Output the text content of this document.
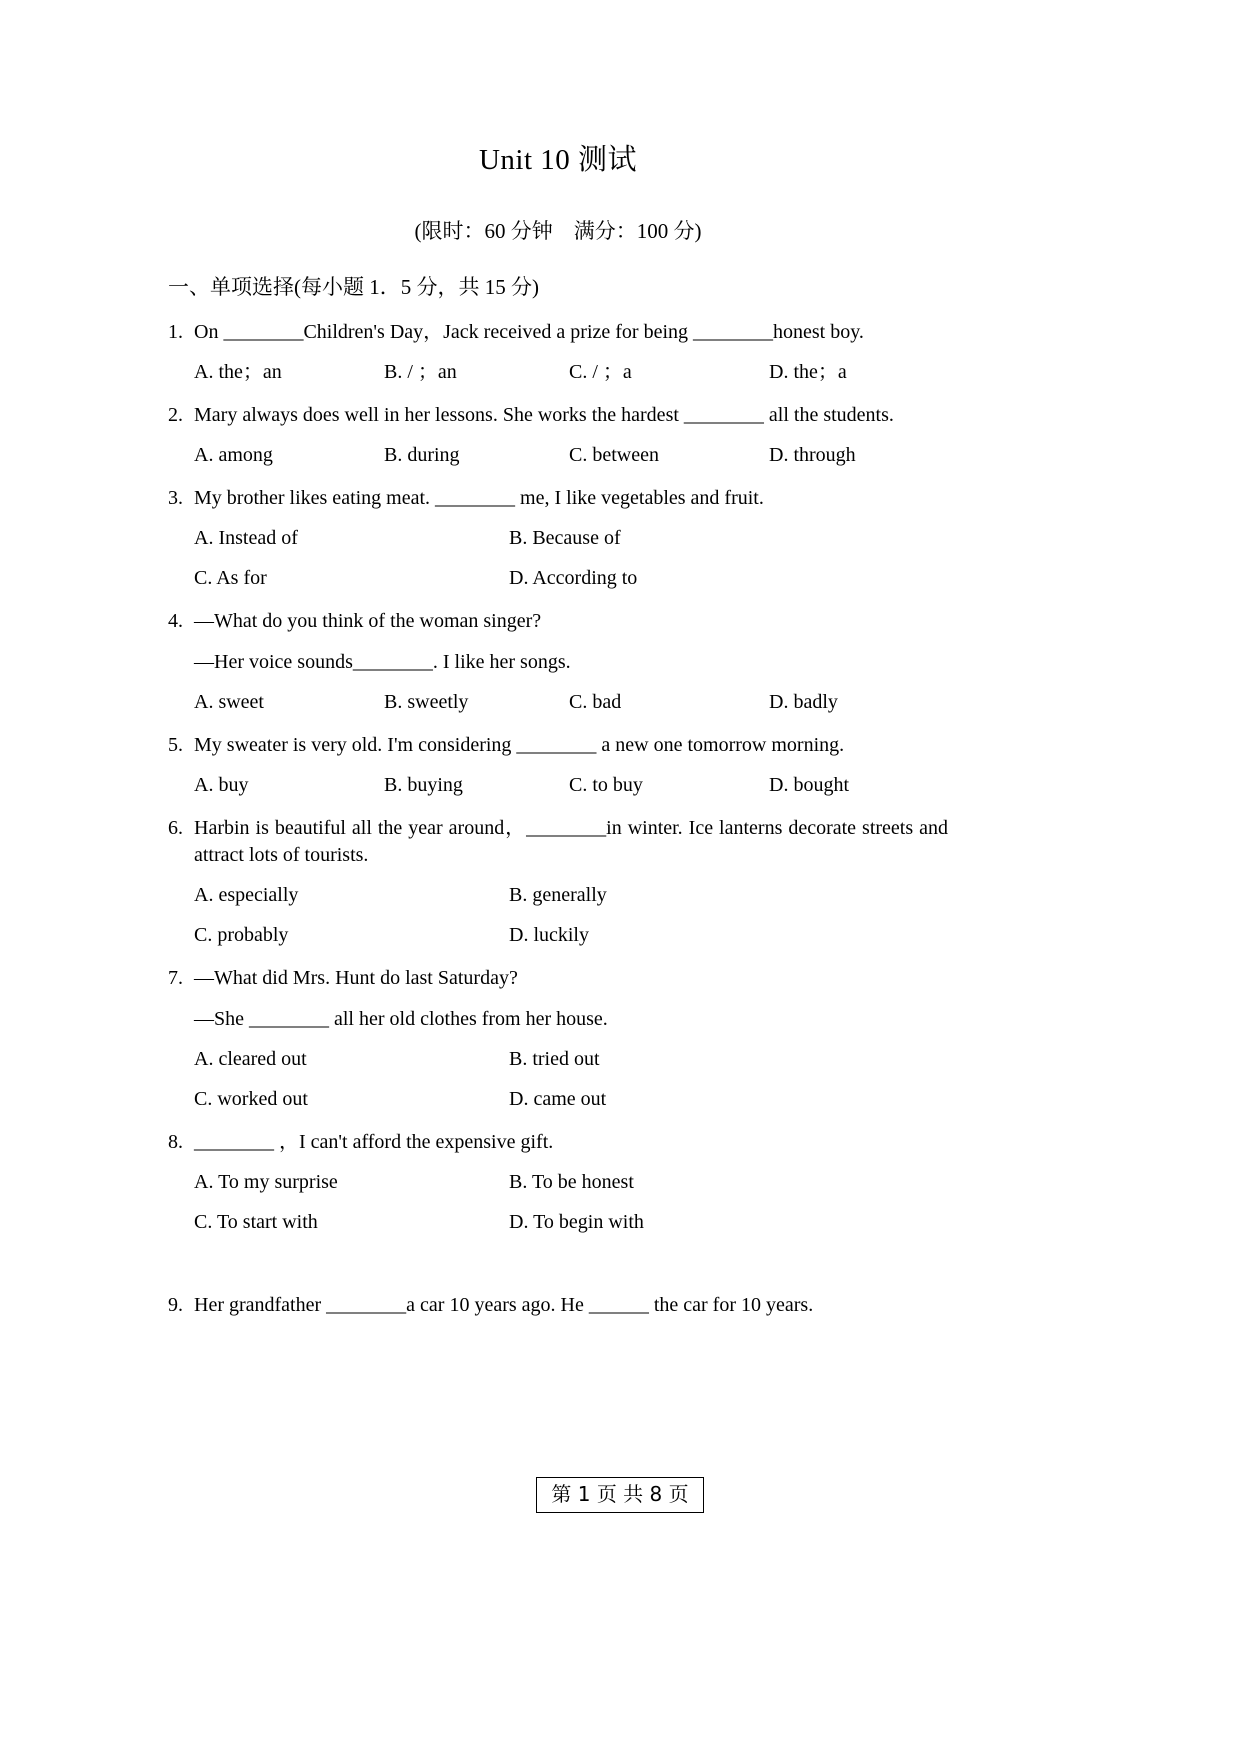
Unit 10 测试
(限时：60 分钟　满分：100 分)
一、单项选择(每小题 1．5 分，共 15 分)
1. On ________Children's Day，Jack received a prize for being ________honest boy.
A. the；an	B. / ；an	C. / ；a	D. the；a
2. Mary always does well in her lessons. She works the hardest ________ all the students.
A. among	B. during	C. between	D. through
3. My brother likes eating meat. ________ me, I like vegetables and fruit.
A. Instead of	B. Because of
C. As for	D. According to
4. —What do you think of the woman singer?
—Her voice sounds________. I like her songs.
A. sweet	B. sweetly	C. bad	D. badly
5. My sweater is very old. I'm considering ________ a new one tomorrow morning.
A. buy	B. buying	C. to buy	D. bought
6. Harbin is beautiful all the year around，________in winter. Ice lanterns decorate streets and attract lots of tourists.
A. especially	B. generally
C. probably	D. luckily
7. —What did Mrs. Hunt do last Saturday?
—She ________ all her old clothes from her house.
A. cleared out	B. tried out
C. worked out	D. came out
8. ________ ，I can't afford the expensive gift.
A. To my surprise	B. To be honest
C. To start with	D. To begin with
9. Her grandfather ________a car 10 years ago. He ______ the car for 10 years.
第 1 页 共 8 页
